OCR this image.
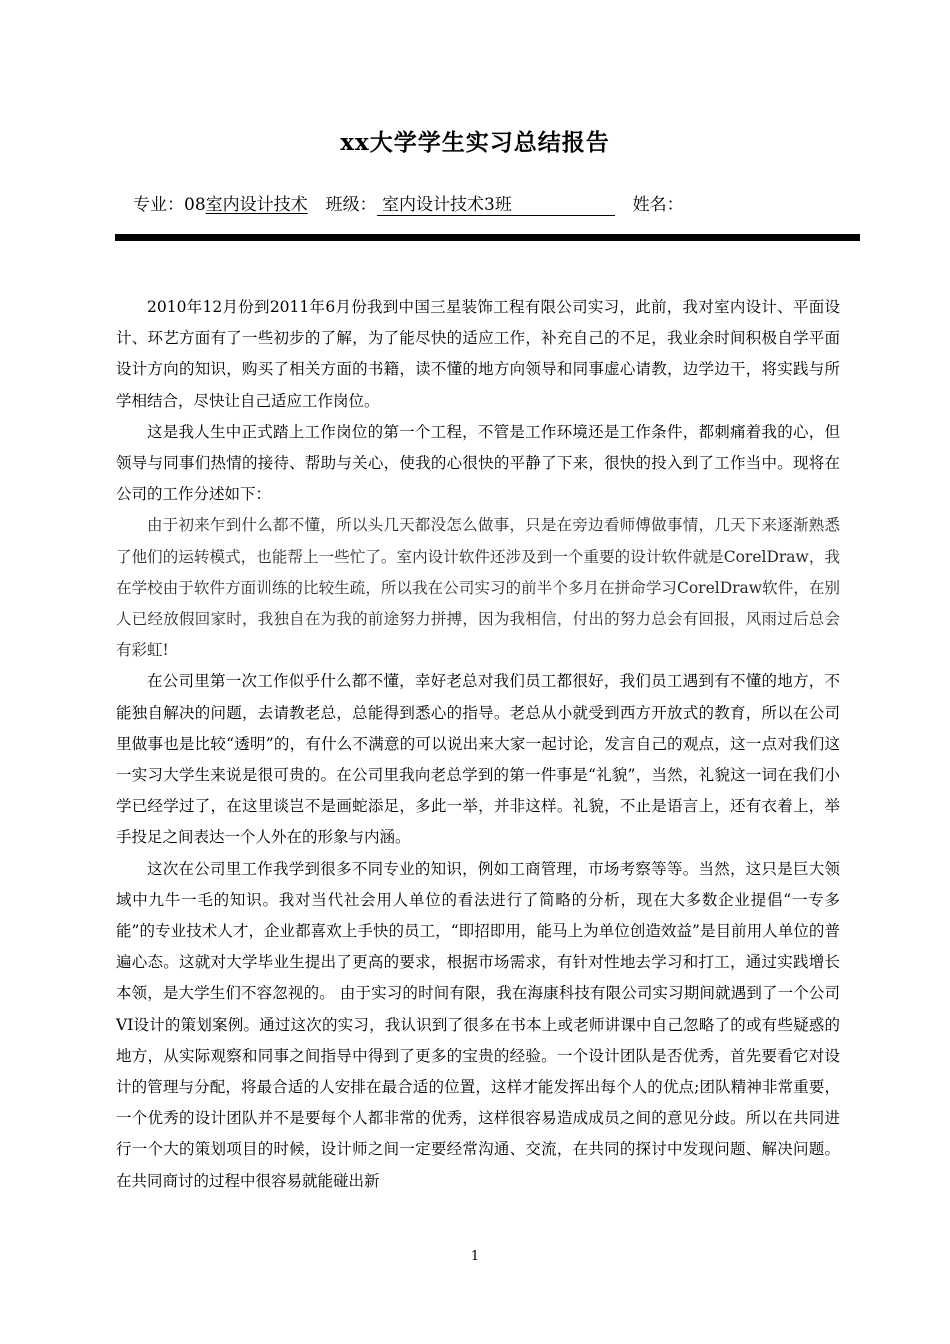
xx大学学生实习总结报告
专业：08室内设计技术 班级： 室内设计技术3班	姓名：

2010年12月份到2011年6月份我到中国三星装饰工程有限公司实习，此前，我对室内设计、平面设计、环艺方面有了一些初步的了解，为了能尽快的适应工作，补充自己的不足，我业余时间积极自学平面设计方向的知识，购买了相关方面的书籍，读不懂的地方向领导和同事虚心请教，边学边干，将实践与所学相结合，尽快让自己适应工作岗位。

这是我人生中正式踏上工作岗位的第一个工程，不管是工作环境还是工作条件，都刺痛着我的心，但领导与同事们热情的接待、帮助与关心，使我的心很快的平静了下来，很快的投入到了工作当中。现将在公司的工作分述如下：

由于初来乍到什么都不懂，所以头几天都没怎么做事，只是在旁边看师傅做事情，几天下来逐渐熟悉了他们的运转模式，也能帮上一些忙了。室内设计软件还涉及到一个重要的设计软件就是CorelDraw，我在学校由于软件方面训练的比较生疏，所以我在公司实习的前半个多月在拼命学习CorelDraw软件，在别人已经放假回家时，我独自在为我的前途努力拼搏，因为我相信，付出的努力总会有回报，风雨过后总会有彩虹!

在公司里第一次工作似乎什么都不懂，幸好老总对我们员工都很好，我们员工遇到有不懂的地方，不能独自解决的问题，去请教老总，总能得到悉心的指导。老总从小就受到西方开放式的教育，所以在公司里做事也是比较“透明”的，有什么不满意的可以说出来大家一起讨论，发言自己的观点，这一点对我们这一实习大学生来说是很可贵的。在公司里我向老总学到的第一件事是“礼貌”，当然，礼貌这一词在我们小学已经学过了，在这里谈岂不是画蛇添足，多此一举，并非这样。礼貌，不止是语言上，还有衣着上，举手投足之间表达一个人外在的形象与内涵。

这次在公司里工作我学到很多不同专业的知识，例如工商管理，市场考察等等。当然，这只是巨大领域中九牛一毛的知识。我对当代社会用人单位的看法进行了简略的分析，现在大多数企业提倡“一专多能”的专业技术人才，企业都喜欢上手快的员工，“即招即用，能马上为单位创造效益”是目前用人单位的普遍心态。这就对大学毕业生提出了更高的要求，根据市场需求，有针对性地去学习和打工，通过实践增长本领，是大学生们不容忽视的。 由于实习的时间有限，我在海康科技有限公司实习期间就遇到了一个公司VI设计的策划案例。通过这次的实习，我认识到了很多在书本上或老师讲课中自己忽略了的或有些疑惑的地方，从实际观察和同事之间指导中得到了更多的宝贵的经验。一个设计团队是否优秀，首先要看它对设计的管理与分配，将最合适的人安排在最合适的位置，这样才能发挥出每个人的优点;团队精神非常重要，一个优秀的设计团队并不是要每个人都非常的优秀，这样很容易造成成员之间的意见分歧。所以在共同进行一个大的策划项目的时候，设计师之间一定要经常沟通、交流，在共同的探讨中发现问题、解决问题。在共同商讨的过程中很容易就能碰出新

1
